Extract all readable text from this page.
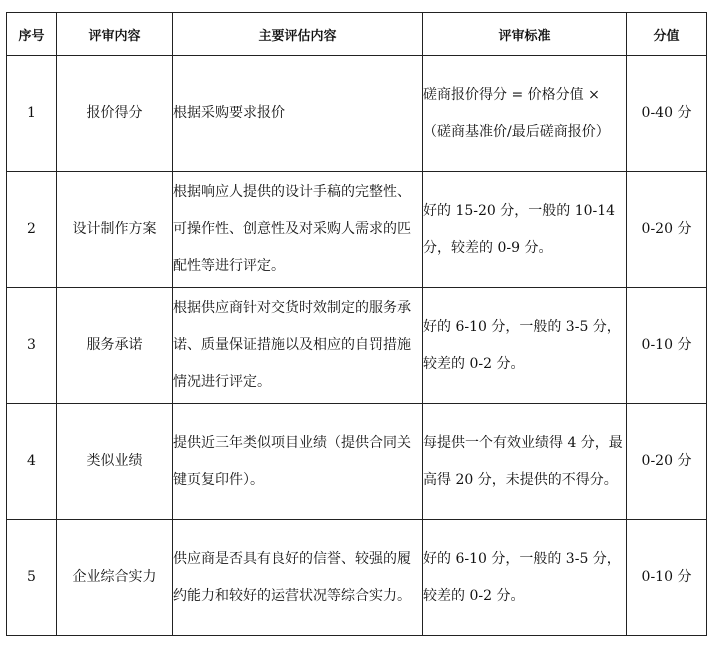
序号	评审内容	主要评估内容	评审标准	分值
1	报价得分	根据采购要求报价	磋商报价得分 = 价格分值 ×（磋商基准价/最后磋商报价）	0-40 分
2	设计制作方案	根据响应人提供的设计手稿的完整性、可操作性、创意性及对采购人需求的匹配性等进行评定。	好的 15-20 分，一般的 10-14 分，较差的 0-9 分。	0-20 分
3	服务承诺	根据供应商针对交货时效制定的服务承诺、质量保证措施以及相应的自罚措施情况进行评定。	好的 6-10 分，一般的 3-5 分，较差的 0-2 分。	0-10 分
4	类似业绩	提供近三年类似项目业绩（提供合同关键页复印件）。	每提供一个有效业绩得 4 分，最高得 20 分，未提供的不得分。	0-20 分
5	企业综合实力	供应商是否具有良好的信誉、较强的履约能力和较好的运营状况等综合实力。	好的 6-10 分，一般的 3-5 分，较差的 0-2 分。	0-10 分
